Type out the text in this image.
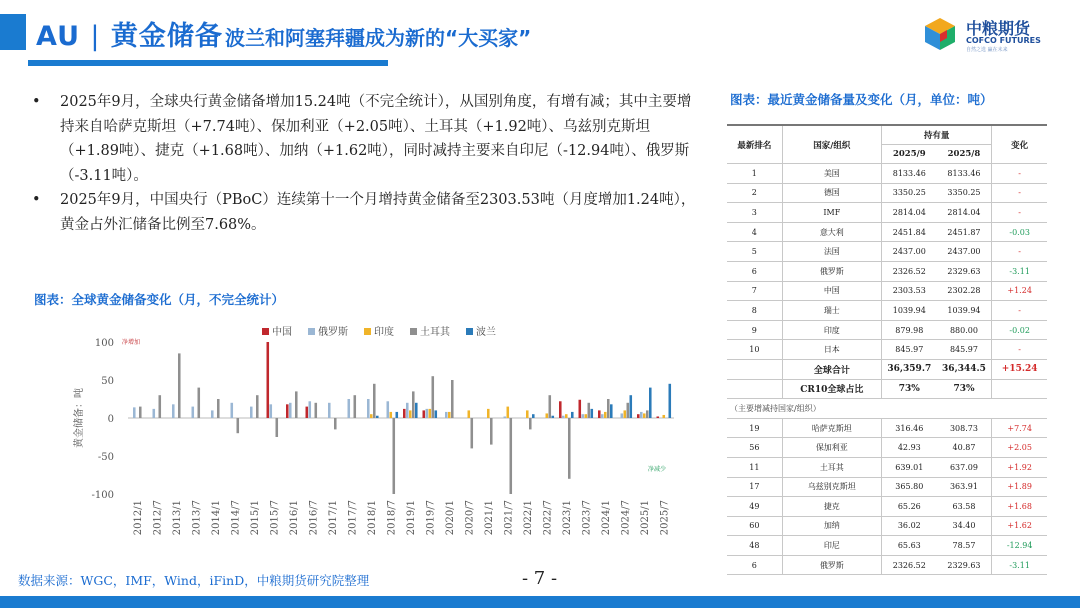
AU | 黄金储备 波兰和阿塞拜疆成为新的“大买家”	中粮期货
COFCO FUTURES
自然之选 赢在未来
• 2025年9月，全球央行黄金储备增加15.24吨（不完全统计），从国别角度，有增有减；其中主要增持来自哈萨克斯坦（+7.74吨）、保加利亚（+2.05吨）、土耳其（+1.92吨）、乌兹别克斯坦（+1.89吨）、捷克（+1.68吨）、加纳（+1.62吨），同时减持主要来自印尼（-12.94吨）、俄罗斯（-3.11吨）。
• 2025年9月，中国央行（PBoC）连续第十一个月增持黄金储备至2303.53吨（月度增加1.24吨），黄金占外汇储备比例至7.68%。
图表：全球黄金储备变化（月，不完全统计）
图表：最近黄金储备量及变化（月，单位：吨）
100
50
0
-50
-100
黄金储备：吨
2012/1 2012/7 2013/1 2013/7 2014/1 2014/7 2015/1 2015/7 2016/1 2016/7 2017/1 2017/7 2018/1 2018/7 2019/1 2019/7 2020/1 2020/7 2021/1 2021/7 2022/1 2022/7 2023/1 2023/7 2024/1 2024/7 2025/1 2025/7
中国	俄罗斯	印度	土耳其	波兰
净增加
净减少
最新排名	国家/组织	持有量		变化
		2025/9	2025/8	
1	美国	8133.46	8133.46	-
2	德国	3350.25	3350.25	-
3	IMF	2814.04	2814.04	-
4	意大利	2451.84	2451.87	-0.03
5	法国	2437.00	2437.00	-
6	俄罗斯	2326.52	2329.63	-3.11
7	中国	2303.53	2302.28	+1.24
8	瑞士	1039.94	1039.94	-
9	印度	879.98	880.00	-0.02
10	日本	845.97	845.97	-
	全球合计	36,359.7	36,344.5	+15.24
	CR10全球占比	73%	73%	
（主要增减持国家/组织）				
19	哈萨克斯坦	316.46	308.73	+7.74
56	保加利亚	42.93	40.87	+2.05
11	土耳其	639.01	637.09	+1.92
17	乌兹别克斯坦	365.80	363.91	+1.89
49	捷克	65.26	63.58	+1.68
60	加纳	36.02	34.40	+1.62
48	印尼	65.63	78.57	-12.94
6	俄罗斯	2326.52	2329.63	-3.11
数据来源：WGC，IMF，Wind，iFinD，中粮期货研究院整理	- 7 -
